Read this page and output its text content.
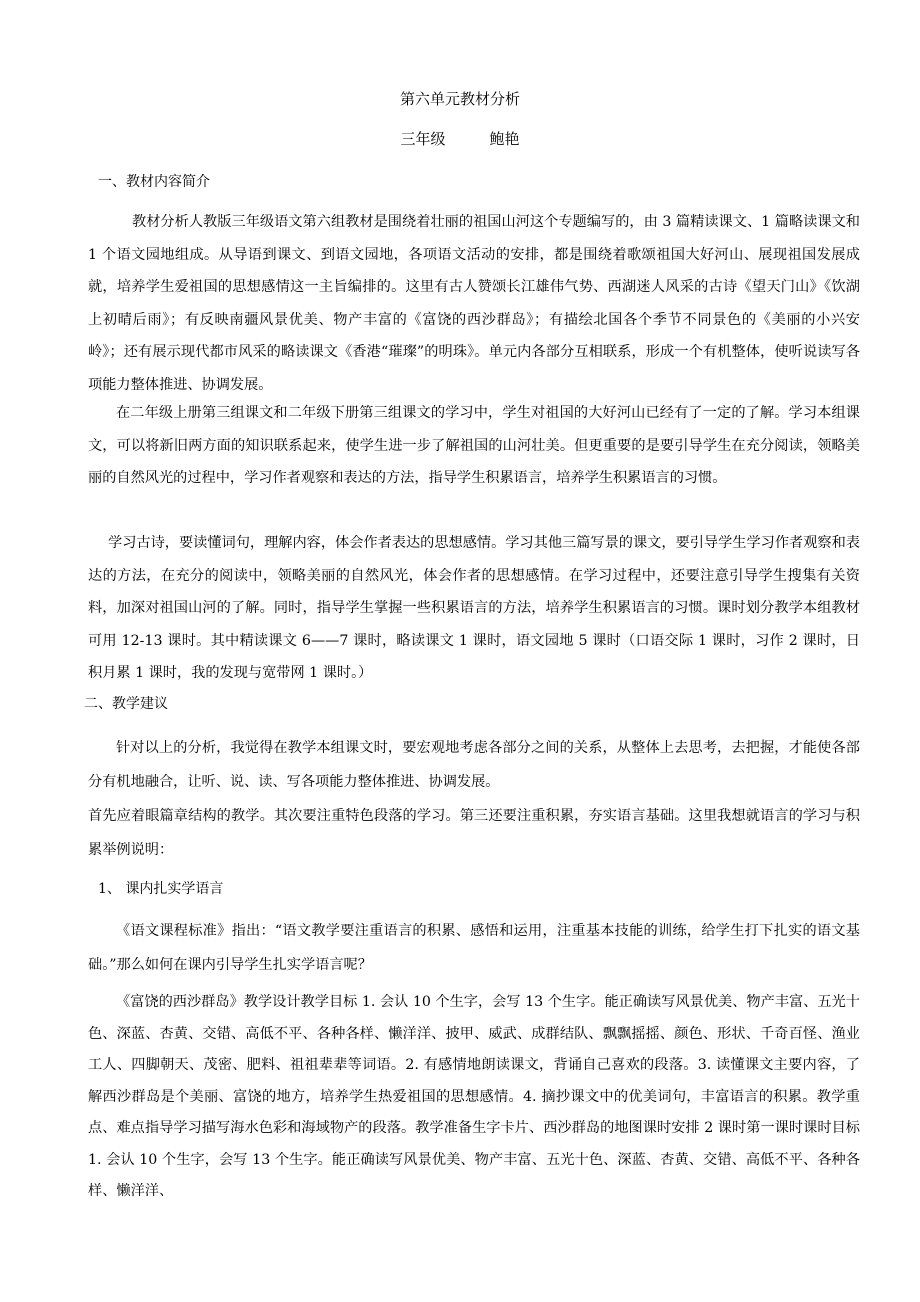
第六单元教材分析
三年级	鲍艳
一、教材内容简介

教材分析人教版三年级语文第六组教材是围绕着壮丽的祖国山河这个专题编写的，由 3 篇精读课文、1 篇略读课文和 1 个语文园地组成。从导语到课文、到语文园地，各项语文活动的安排，都是围绕着歌颂祖国大好河山、展现祖国发展成就，培养学生爱祖国的思想感情这一主旨编排的。这里有古人赞颂长江雄伟气势、西湖迷人风采的古诗《望天门山》《饮湖上初晴后雨》；有反映南疆风景优美、物产丰富的《富饶的西沙群岛》；有描绘北国各个季节不同景色的《美丽的小兴安岭》；还有展示现代都市风采的略读课文《香港“璀璨”的明珠》。单元内各部分互相联系，形成一个有机整体，使听说读写各项能力整体推进、协调发展。

在二年级上册第三组课文和二年级下册第三组课文的学习中，学生对祖国的大好河山已经有了一定的了解。学习本组课文，可以将新旧两方面的知识联系起来，使学生进一步了解祖国的山河壮美。但更重要的是要引导学生在充分阅读，领略美丽的自然风光的过程中，学习作者观察和表达的方法，指导学生积累语言，培养学生积累语言的习惯。

学习古诗，要读懂词句，理解内容，体会作者表达的思想感情。学习其他三篇写景的课文，要引导学生学习作者观察和表达的方法，在充分的阅读中，领略美丽的自然风光，体会作者的思想感情。在学习过程中，还要注意引导学生搜集有关资料，加深对祖国山河的了解。同时，指导学生掌握一些积累语言的方法，培养学生积累语言的习惯。课时划分教学本组教材可用 12-13 课时。其中精读课文 6——7 课时，略读课文 1 课时，语文园地 5 课时（口语交际 1 课时，习作 2 课时，日积月累 1 课时，我的发现与宽带网 1 课时。）

二、教学建议

针对以上的分析，我觉得在教学本组课文时，要宏观地考虑各部分之间的关系，从整体上去思考，去把握，才能使各部分有机地融合，让听、说、读、写各项能力整体推进、协调发展。

首先应着眼篇章结构的教学。其次要注重特色段落的学习。第三还要注重积累，夯实语言基础。这里我想就语言的学习与积累举例说明：

1、 课内扎实学语言

《语文课程标准》指出：“语文教学要注重语言的积累、感悟和运用，注重基本技能的训练，给学生打下扎实的语文基础。”那么如何在课内引导学生扎实学语言呢？

《富饶的西沙群岛》教学设计教学目标 1. 会认 10 个生字，会写 13 个生字。能正确读写风景优美、物产丰富、五光十色、深蓝、杏黄、交错、高低不平、各种各样、懒洋洋、披甲、威武、成群结队、飘飘摇摇、颜色、形状、千奇百怪、渔业工人、四脚朝天、茂密、肥料、祖祖辈辈等词语。2. 有感情地朗读课文，背诵自己喜欢的段落。3. 读懂课文主要内容，了解西沙群岛是个美丽、富饶的地方，培养学生热爱祖国的思想感情。4. 摘抄课文中的优美词句，丰富语言的积累。教学重点、难点指导学习描写海水色彩和海域物产的段落。教学准备生字卡片、西沙群岛的地图课时安排 2 课时第一课时课时目标 1. 会认 10 个生字，会写 13 个生字。能正确读写风景优美、物产丰富、五光十色、深蓝、杏黄、交错、高低不平、各种各样、懒洋洋、
